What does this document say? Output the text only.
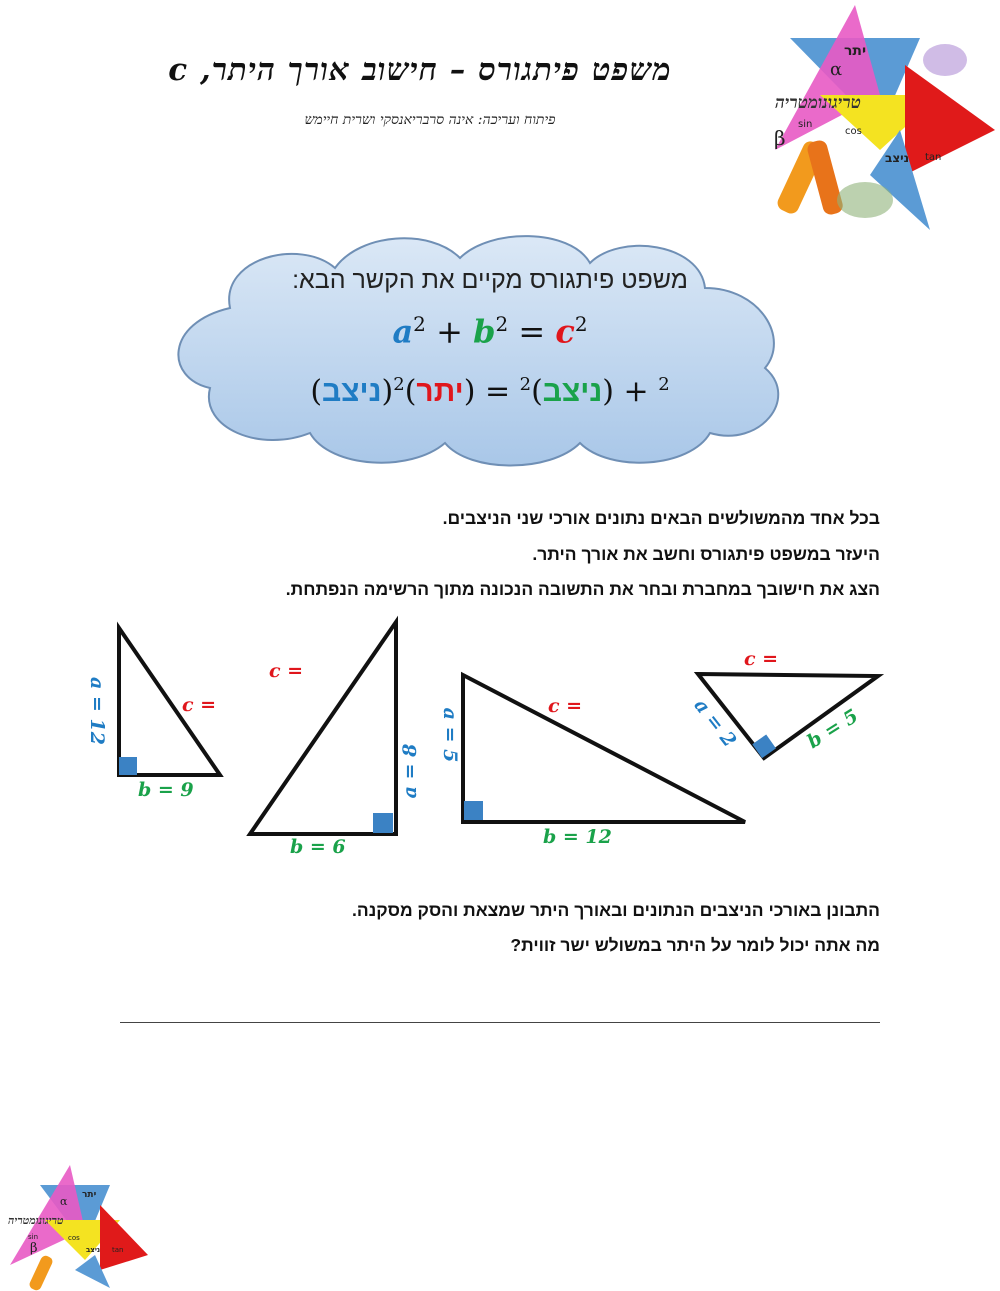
משפט פיתגורס – חישוב אורך היתר, c
פיתוח ועריכה: אינה סרבריאנסקי ושרית חיימש
יתר
α
טריגונומטריה
sin
cos
tan
ניצב
β
משפט פיתגורס מקיים את הקשר הבא:
$a^2 + b^2 = c^2$
(ניצב)	$^2$ + (ניצב)$^2$ = (יתר)$^2$
בכל אחד מהמשולשים הבאים נתונים אורכי שני הניצבים.
היעזר במשפט פיתגורס וחשב את אורך היתר.
הצג את חישובך במחברת ובחר את התשובה הנכונה מתוך הרשימה הנפתחת.
a = 12
b = 9
c =
a = 8
b = 6
c =
a = 5
b = 12
c =	a = 2	b = 5
c =
התבונן באורכי הניצבים הנתונים ובאורך היתר שמצאת והסק מסקנה.
מה אתה יכול לומר על היתר במשולש ישר זווית?
יתר
α
טריגונומטריה
sin	cos
tan
ניצב
β
